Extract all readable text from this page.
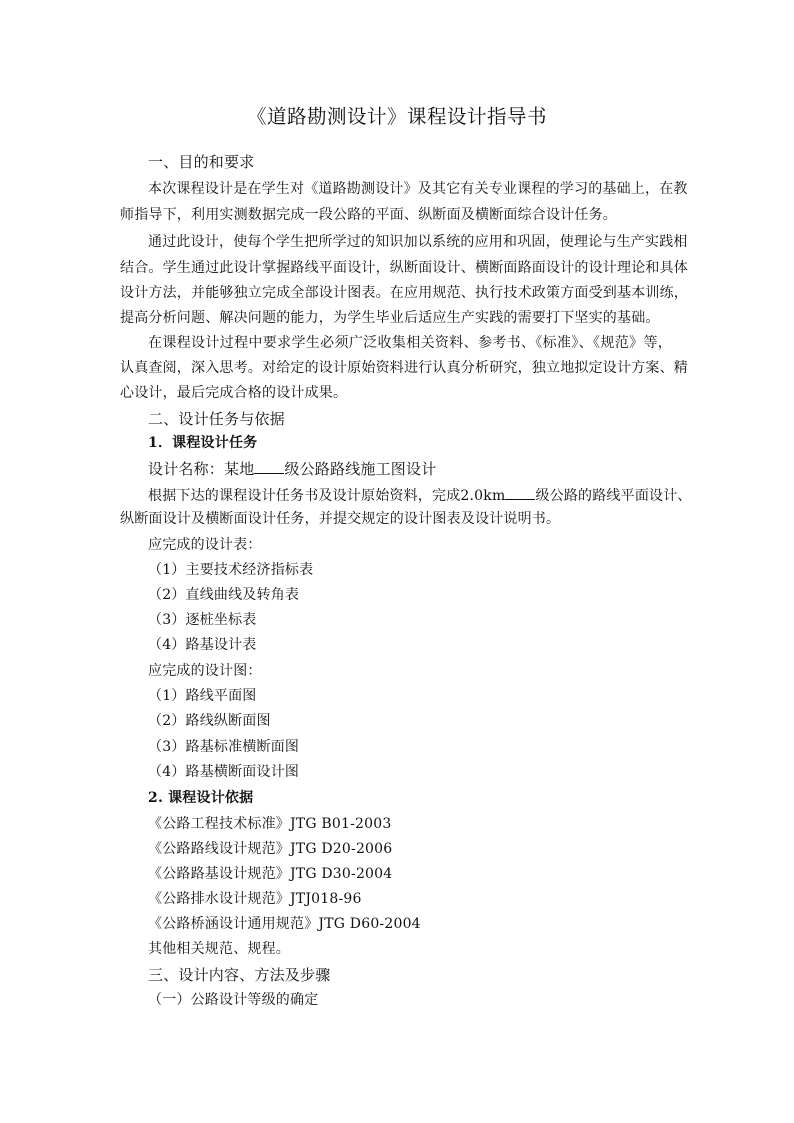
《道路勘测设计》课程设计指导书
一、目的和要求
本次课程设计是在学生对《道路勘测设计》及其它有关专业课程的学习的基础上，在教
师指导下，利用实测数据完成一段公路的平面、纵断面及横断面综合设计任务。
通过此设计，使每个学生把所学过的知识加以系统的应用和巩固，使理论与生产实践相
结合。学生通过此设计掌握路线平面设计，纵断面设计、横断面路面设计的设计理论和具体
设计方法，并能够独立完成全部设计图表。在应用规范、执行技术政策方面受到基本训练，
提高分析问题、解决问题的能力，为学生毕业后适应生产实践的需要打下坚实的基础。
在课程设计过程中要求学生必须广泛收集相关资料、参考书、《标准》、《规范》等，
认真查阅，深入思考。对给定的设计原始资料进行认真分析研究，独立地拟定设计方案、精
心设计，最后完成合格的设计成果。
二、设计任务与依据
1．课程设计任务
设计名称：某地 级公路路线施工图设计
根据下达的课程设计任务书及设计原始资料，完成2.0km 级公路的路线平面设计、
纵断面设计及横断面设计任务，并提交规定的设计图表及设计说明书。
应完成的设计表：
（1）主要技术经济指标表
（2）直线曲线及转角表
（3）逐桩坐标表
（4）路基设计表
应完成的设计图：
（1）路线平面图
（2）路线纵断面图
（3）路基标准横断面图
（4）路基横断面设计图
2. 课程设计依据
《公路工程技术标准》JTG B01-2003
《公路路线设计规范》JTG D20-2006
《公路路基设计规范》JTG D30-2004
《公路排水设计规范》JTJ018-96
《公路桥涵设计通用规范》JTG D60-2004
其他相关规范、规程。
三、设计内容、方法及步骤
（一）公路设计等级的确定
